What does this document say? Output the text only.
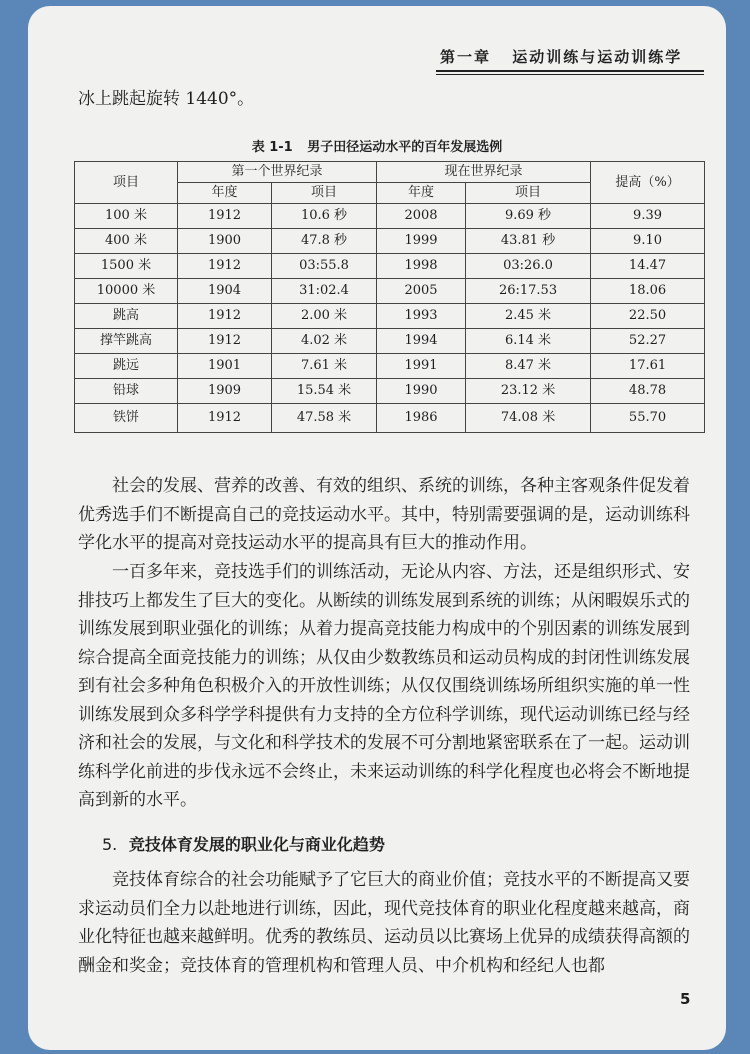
第一章 运动训练与运动训练学
冰上跳起旋转 1440°。
表 1-1 男子田径运动水平的百年发展选例
项目	第一个世界纪录		现在世界纪录		提高（%）
	年度	项目	年度	项目	
100 米	1912	10.6 秒	2008	9.69 秒	9.39
400 米	1900	47.8 秒	1999	43.81 秒	9.10
1500 米	1912	03:55.8	1998	03:26.0	14.47
10000 米	1904	31:02.4	2005	26:17.53	18.06
跳高	1912	2.00 米	1993	2.45 米	22.50
撑竿跳高	1912	4.02 米	1994	6.14 米	52.27
跳远	1901	7.61 米	1991	8.47 米	17.61
铅球	1909	15.54 米	1990	23.12 米	48.78
铁饼	1912	47.58 米	1986	74.08 米	55.70

社会的发展、营养的改善、有效的组织、系统的训练，各种主客观条件促发着优秀选手们不断提高自己的竞技运动水平。其中，特别需要强调的是，运动训练科学化水平的提高对竞技运动水平的提高具有巨大的推动作用。

一百多年来，竞技选手们的训练活动，无论从内容、方法，还是组织形式、安排技巧上都发生了巨大的变化。从断续的训练发展到系统的训练；从闲暇娱乐式的训练发展到职业强化的训练；从着力提高竞技能力构成中的个别因素的训练发展到综合提高全面竞技能力的训练；从仅由少数教练员和运动员构成的封闭性训练发展到有社会多种角色积极介入的开放性训练；从仅仅围绕训练场所组织实施的单一性训练发展到众多科学学科提供有力支持的全方位科学训练，现代运动训练已经与经济和社会的发展，与文化和科学技术的发展不可分割地紧密联系在了一起。运动训练科学化前进的步伐永远不会终止，未来运动训练的科学化程度也必将会不断地提高到新的水平。

5. 竞技体育发展的职业化与商业化趋势

竞技体育综合的社会功能赋予了它巨大的商业价值；竞技水平的不断提高又要求运动员们全力以赴地进行训练，因此，现代竞技体育的职业化程度越来越高，商业化特征也越来越鲜明。优秀的教练员、运动员以比赛场上优异的成绩获得高额的酬金和奖金；竞技体育的管理机构和管理人员、中介机构和经纪人也都

5
